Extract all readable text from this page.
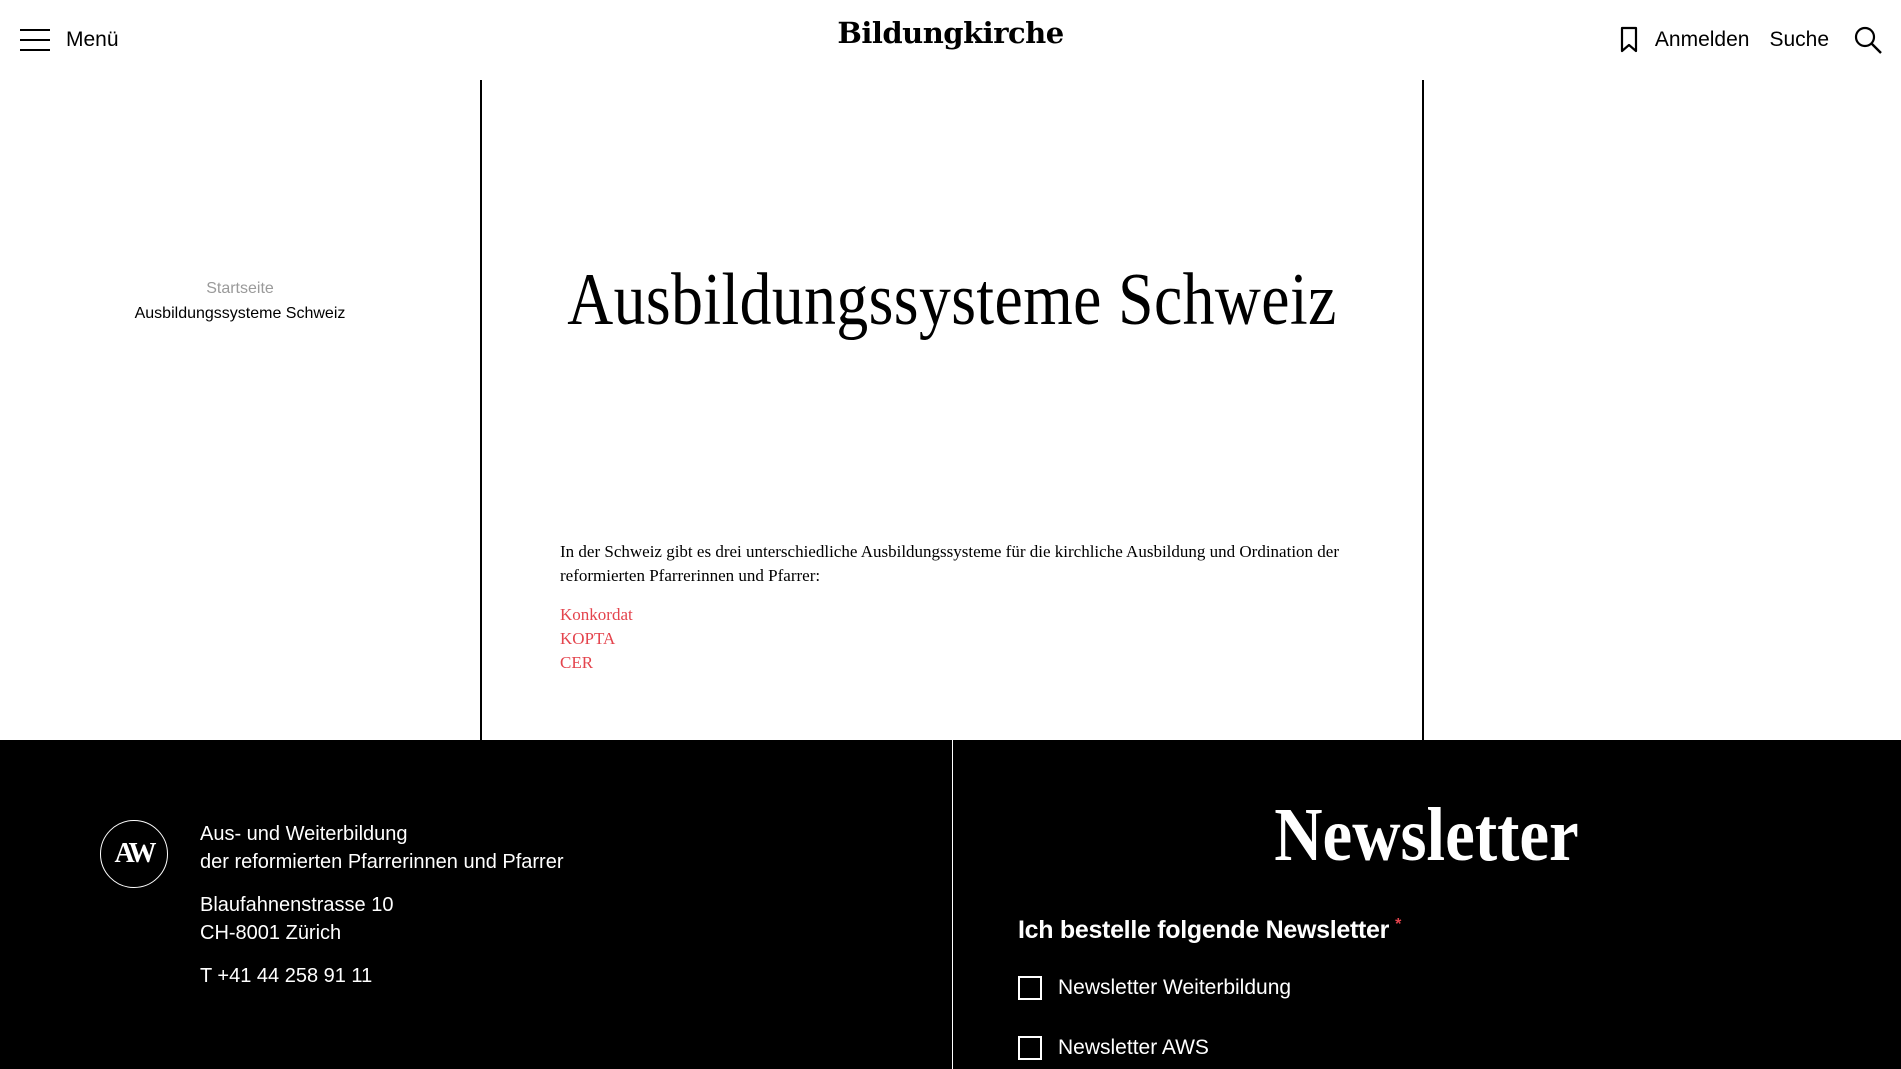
Menü	Bildungkirche	Anmelden Suche
Startseite
Ausbildungssysteme Schweiz	Ausbildungssysteme Schweiz

In der Schweiz gibt es drei unterschiedliche Ausbildungssysteme für die kirchliche Ausbildung und Ordination der reformierten Pfarrerinnen und Pfarrer:

Konkordat
KOPTA
CER
AW

Aus- und Weiterbildung
der reformierten Pfarrerinnen und Pfarrer

Blaufahnenstrasse 10
CH-8001 Zürich

T +41 44 258 91 11

Newsletter
Ich bestelle folgende Newsletter *
Newsletter Weiterbildung
Newsletter AWS
